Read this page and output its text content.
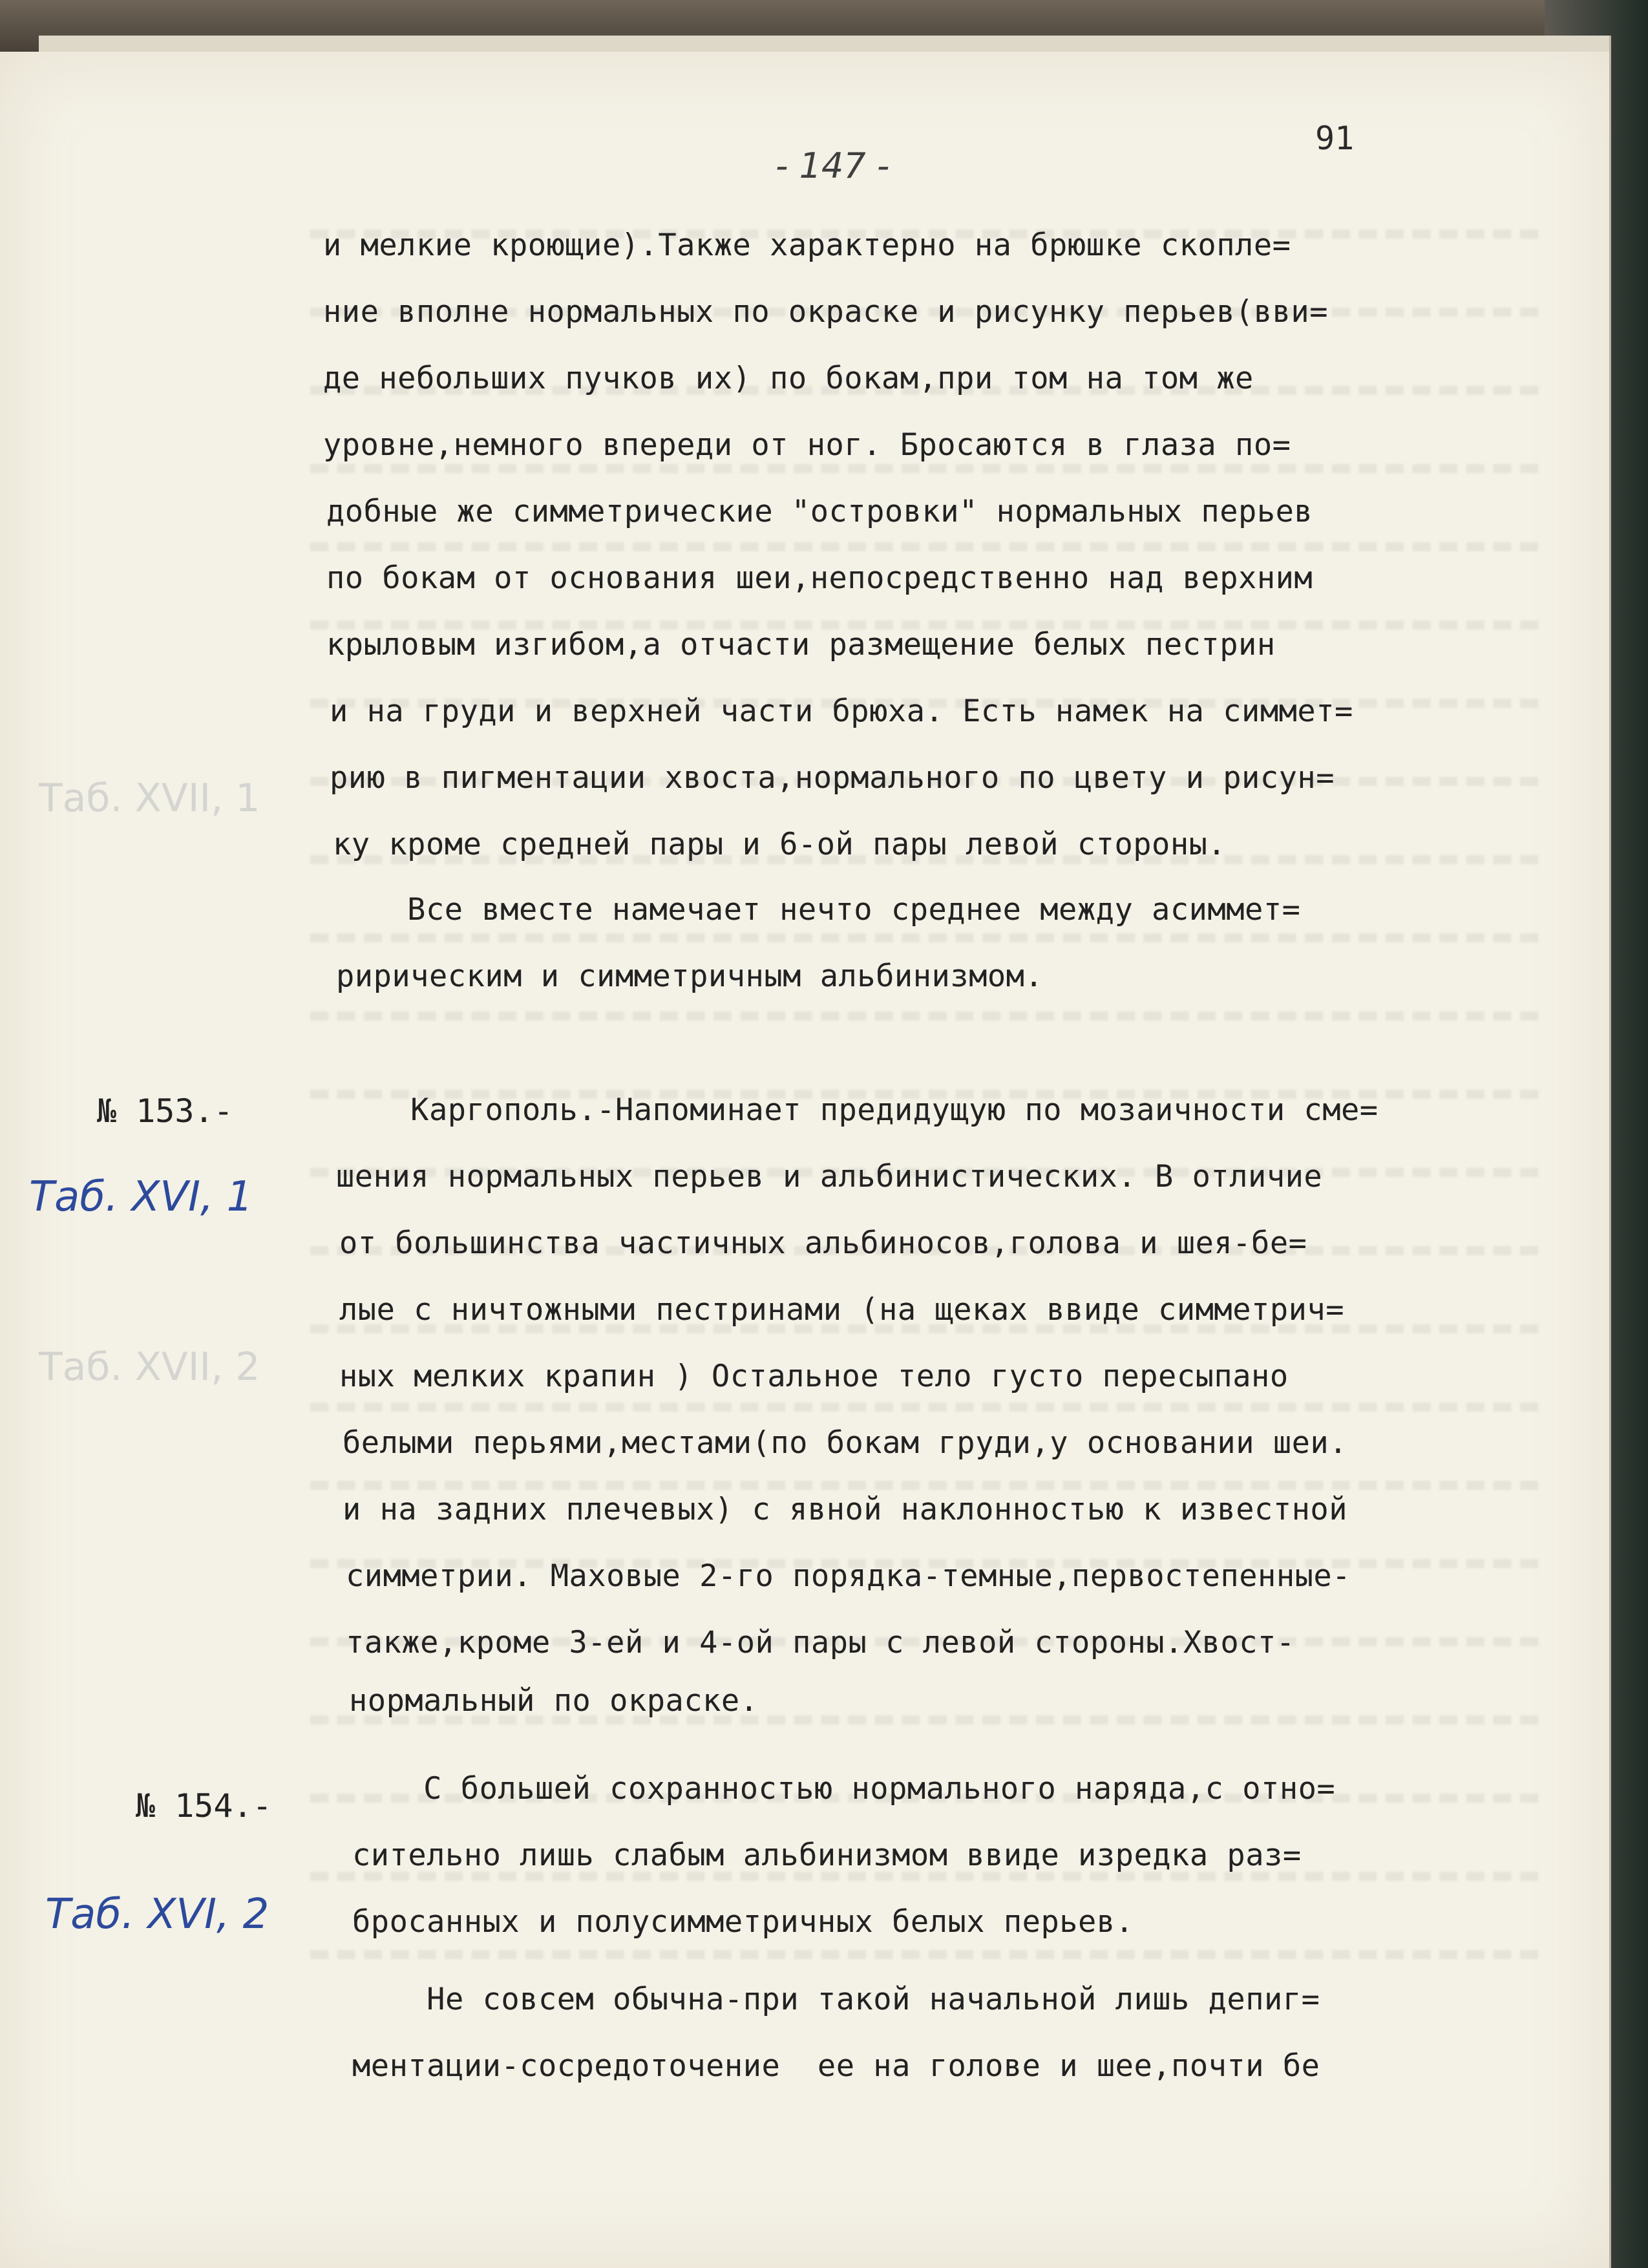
- 147 -
91
Таб. XVII, 1
Таб. XVII, 2
и мелкие кроющие).Также характерно на брюшке скопле=
ние вполне нормальных по окраске и рисунку перьев(вви=
де небольших пучков их) по бокам,при том на том же
уровне,немного впереди от ног. Бросаются в глаза по=
добные же симметрические "островки" нормальных перьев
по бокам от основания шеи,непосредственно над верхним
крыловым изгибом,а отчасти размещение белых пестрин
и на груди и верхней части брюха. Есть намек на симмет=
рию в пигментации хвоста,нормального по цвету и рисун=
ку кроме средней пары и 6-ой пары левой стороны.
Все вместе намечает нечто среднее между асиммет=
ририческим и симметричным альбинизмом.
№ 153.-
Таб. XVI, 1
Каргополь.-Напоминает предидущую по мозаичности сме=
шения нормальных перьев и альбинистических. В отличие
от большинства частичных альбиносов,голова и шея-бе=
лые с ничтожными пестринами (на щеках ввиде симметрич=
ных мелких крапин ) Остальное тело густо пересыпано
белыми перьями,местами(по бокам груди,у основании шеи.
и на задних плечевых) с явной наклонностью к известной
симметрии. Маховые 2-го порядка-темные,первостепенные-
также,кроме 3-ей и 4-ой пары с левой стороны.Хвост-
нормальный по окраске.
№ 154.-
Таб. XVI, 2
С большей сохранностью нормального наряда,с отно=
сительно лишь слабым альбинизмом ввиде изредка раз=
бросанных и полусимметричных белых перьев.
Не совсем обычна-при такой начальной лишь депиг=
ментации-сосредоточение  ее на голове и шее,почти бе
